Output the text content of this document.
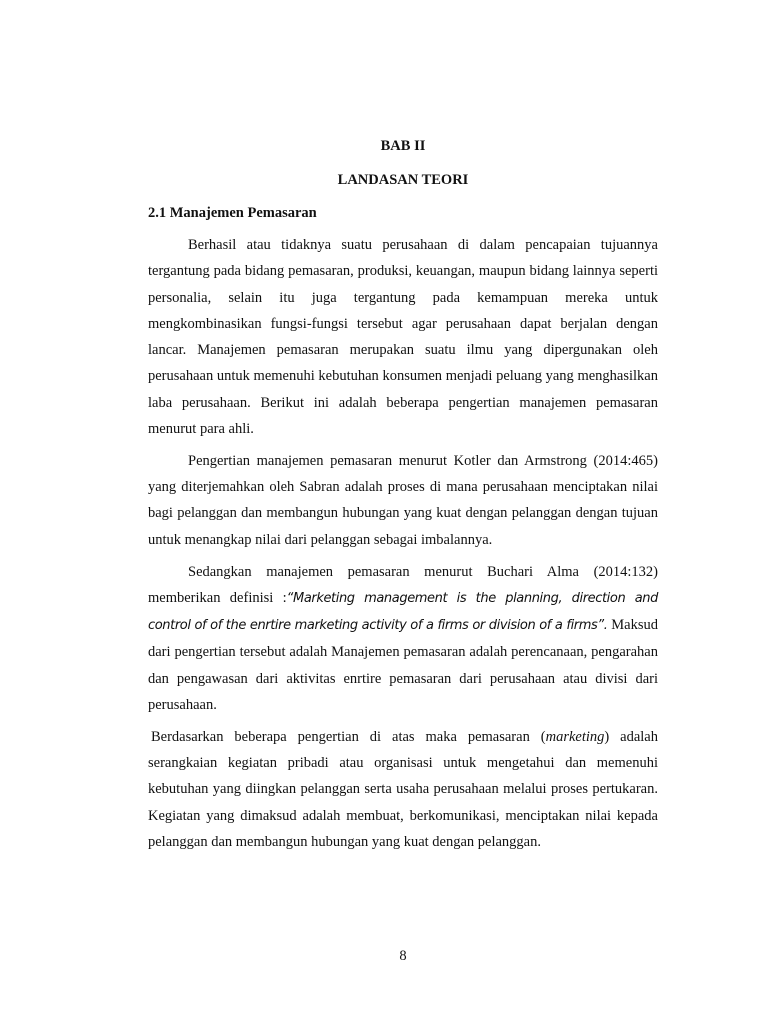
BAB II
LANDASAN TEORI
2.1 Manajemen Pemasaran

Berhasil atau tidaknya suatu perusahaan di dalam pencapaian tujuannya tergantung pada bidang pemasaran, produksi, keuangan, maupun bidang lainnya seperti personalia, selain itu juga tergantung pada kemampuan mereka untuk mengkombinasikan fungsi-fungsi tersebut agar perusahaan dapat berjalan dengan lancar. Manajemen pemasaran merupakan suatu ilmu yang dipergunakan oleh perusahaan untuk memenuhi kebutuhan konsumen menjadi peluang yang menghasilkan laba perusahaan. Berikut ini adalah beberapa pengertian manajemen pemasaran menurut para ahli.

Pengertian manajemen pemasaran menurut Kotler dan Armstrong (2014:465) yang diterjemahkan oleh Sabran adalah proses di mana perusahaan menciptakan nilai bagi pelanggan dan membangun hubungan yang kuat dengan pelanggan dengan tujuan untuk menangkap nilai dari pelanggan sebagai imbalannya.

Sedangkan manajemen pemasaran menurut Buchari Alma (2014:132) memberikan definisi :“Marketing management is the planning, direction and control of of the enrtire marketing activity of a firms or division of a firms”. Maksud dari pengertian tersebut adalah Manajemen pemasaran adalah perencanaan, pengarahan dan pengawasan dari aktivitas enrtire pemasaran dari perusahaan atau divisi dari perusahaan.

Berdasarkan beberapa pengertian di atas maka pemasaran (marketing) adalah serangkaian kegiatan pribadi atau organisasi untuk mengetahui dan memenuhi kebutuhan yang diingkan pelanggan serta usaha perusahaan melalui proses pertukaran. Kegiatan yang dimaksud adalah membuat, berkomunikasi, menciptakan nilai kepada pelanggan dan membangun hubungan yang kuat dengan pelanggan.

8
